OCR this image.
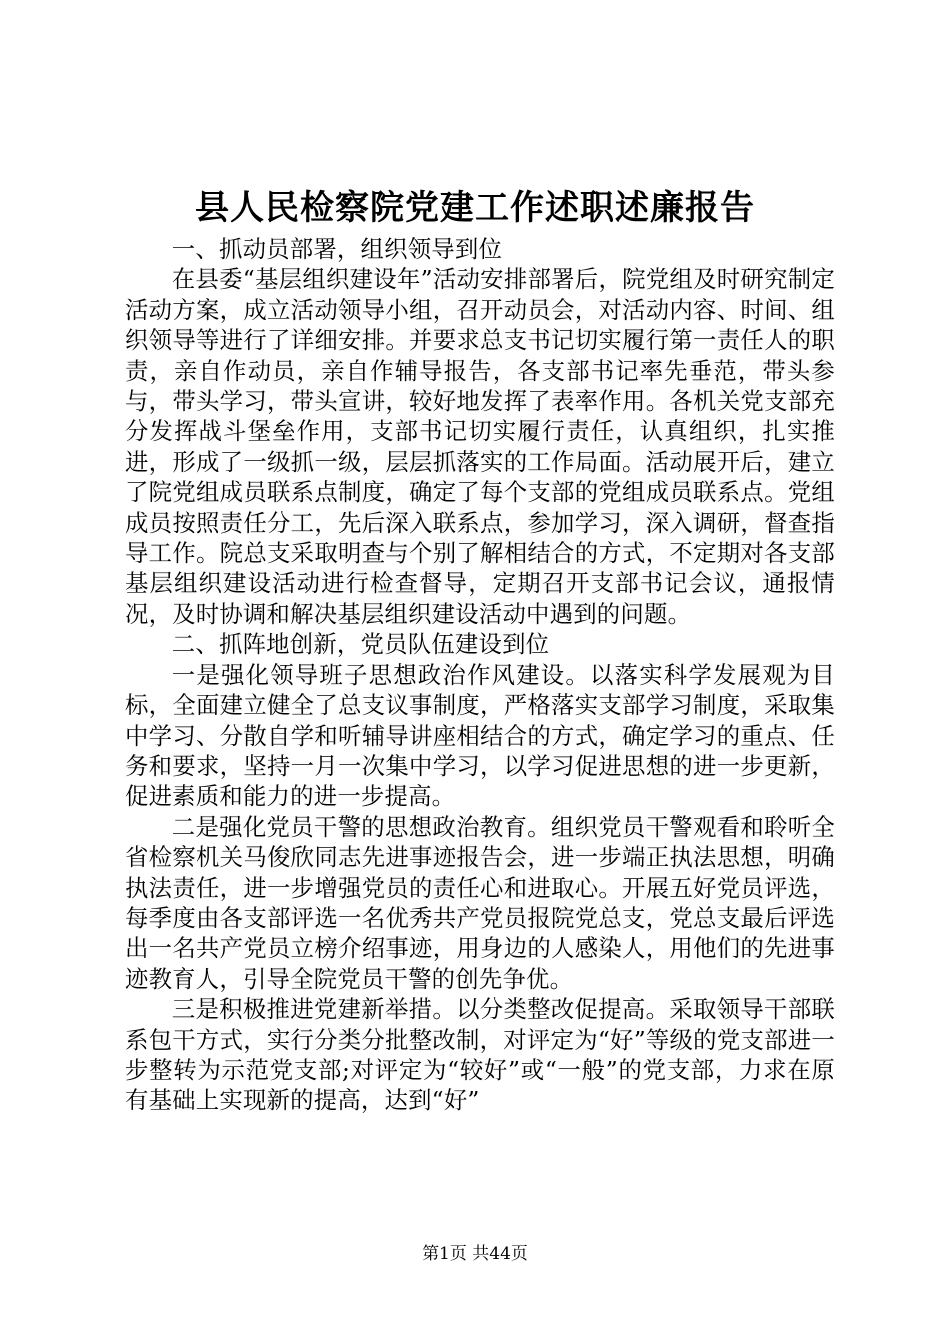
县人民检察院党建工作述职述廉报告

一、抓动员部署，组织领导到位

在县委“基层组织建设年”活动安排部署后，院党组及时研究制定活动方案，成立活动领导小组，召开动员会，对活动内容、时间、组织领导等进行了详细安排。并要求总支书记切实履行第一责任人的职责，亲自作动员，亲自作辅导报告，各支部书记率先垂范，带头参与，带头学习，带头宣讲，较好地发挥了表率作用。各机关党支部充分发挥战斗堡垒作用，支部书记切实履行责任，认真组织，扎实推进，形成了一级抓一级，层层抓落实的工作局面。活动展开后，建立了院党组成员联系点制度，确定了每个支部的党组成员联系点。党组成员按照责任分工，先后深入联系点，参加学习，深入调研，督查指导工作。院总支采取明查与个别了解相结合的方式，不定期对各支部基层组织建设活动进行检查督导，定期召开支部书记会议，通报情况，及时协调和解决基层组织建设活动中遇到的问题。

二、抓阵地创新，党员队伍建设到位

一是强化领导班子思想政治作风建设。以落实科学发展观为目标，全面建立健全了总支议事制度，严格落实支部学习制度，采取集中学习、分散自学和听辅导讲座相结合的方式，确定学习的重点、任务和要求，坚持一月一次集中学习，以学习促进思想的进一步更新，促进素质和能力的进一步提高。

二是强化党员干警的思想政治教育。组织党员干警观看和聆听全省检察机关马俊欣同志先进事迹报告会，进一步端正执法思想，明确执法责任，进一步增强党员的责任心和进取心。开展五好党员评选，每季度由各支部评选一名优秀共产党员报院党总支，党总支最后评选出一名共产党员立榜介绍事迹，用身边的人感染人，用他们的先进事迹教育人，引导全院党员干警的创先争优。

三是积极推进党建新举措。以分类整改促提高。采取领导干部联系包干方式，实行分类分批整改制，对评定为“好”等级的党支部进一步整转为示范党支部;对评定为“较好”或“一般”的党支部，力求在原有基础上实现新的提高，达到“好”

第1页 共44页
